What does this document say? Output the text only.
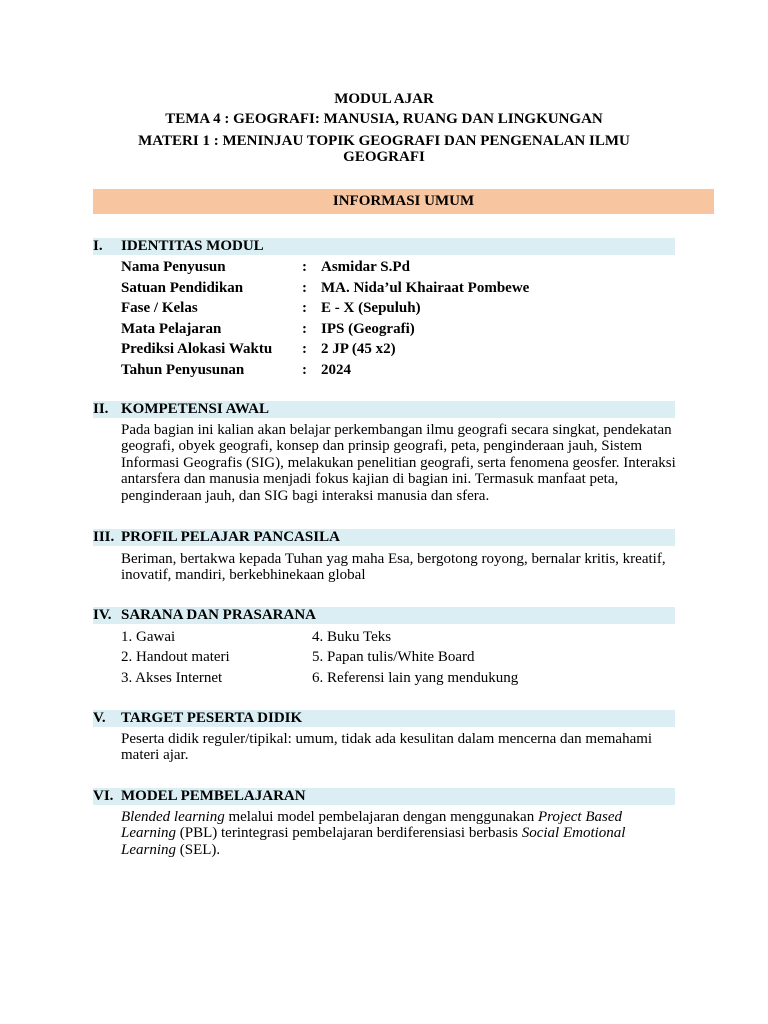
MODUL AJAR
TEMA 4 : GEOGRAFI: MANUSIA, RUANG DAN LINGKUNGAN
MATERI 1 : MENINJAU TOPIK GEOGRAFI DAN PENGENALAN ILMU GEOGRAFI
INFORMASI UMUM
I. IDENTITAS MODUL
Nama Penyusun	: Asmidar S.Pd
Satuan Pendidikan	: MA. Nida’ul Khairaat Pombewe
Fase / Kelas	: E - X (Sepuluh)
Mata Pelajaran	: IPS (Geografi)
Prediksi Alokasi Waktu : 2 JP (45 x2)
Tahun Penyusunan	: 2024
II. KOMPETENSI AWAL
Pada bagian ini kalian akan belajar perkembangan ilmu geografi secara singkat, pendekatan geografi, obyek geografi, konsep dan prinsip geografi, peta, penginderaan jauh, Sistem Informasi Geografis (SIG), melakukan penelitian geografi, serta fenomena geosfer. Interaksi antarsfera dan manusia menjadi fokus kajian di bagian ini. Termasuk manfaat peta, penginderaan jauh, dan SIG bagi interaksi manusia dan sfera.
III. PROFIL PELAJAR PANCASILA
Beriman, bertakwa kepada Tuhan yag maha Esa, bergotong royong, bernalar kritis, kreatif, inovatif, mandiri, berkebhinekaan global
IV. SARANA DAN PRASARANA
1. Gawai	4. Buku Teks
2. Handout materi	5. Papan tulis/White Board
3. Akses Internet	6. Referensi lain yang mendukung
V. TARGET PESERTA DIDIK
Peserta didik reguler/tipikal: umum, tidak ada kesulitan dalam mencerna dan memahami materi ajar.
VI. MODEL PEMBELAJARAN
Blended learning melalui model pembelajaran dengan menggunakan Project Based Learning (PBL) terintegrasi pembelajaran berdiferensiasi berbasis Social Emotional Learning (SEL).
